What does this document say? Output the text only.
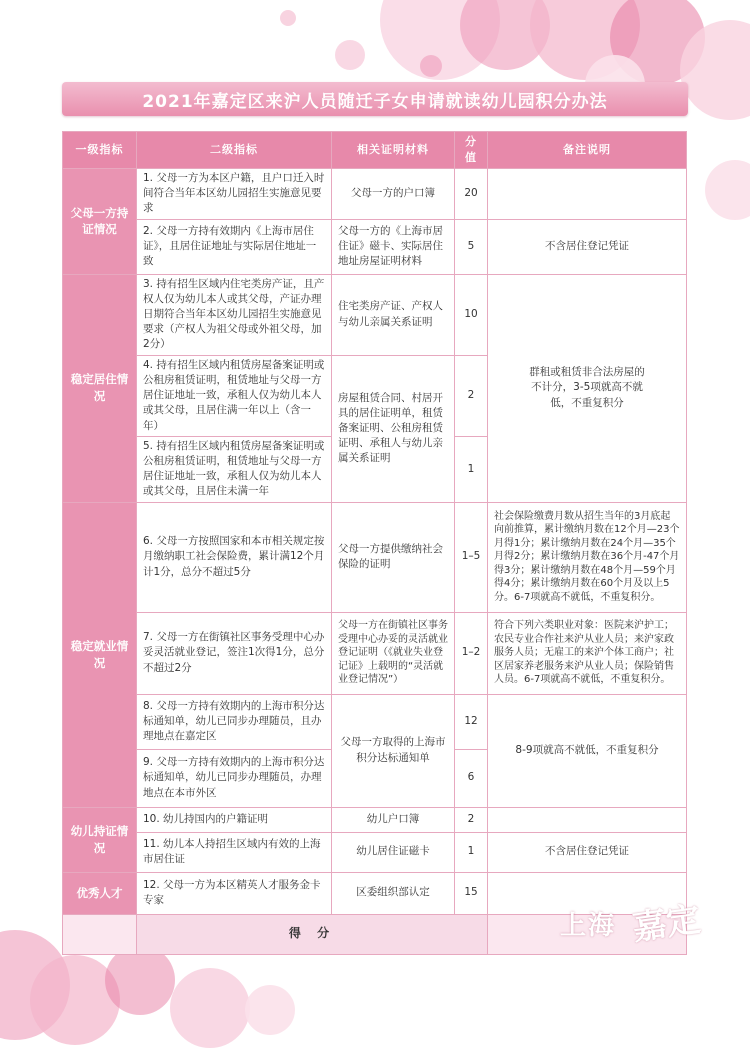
2021年嘉定区来沪人员随迁子女申请就读幼儿园积分办法
一级指标	二级指标	相关证明材料	分值	备注说明
父母一方持证情况	1. 父母一方为本区户籍，且户口迁入时间符合当年本区幼儿园招生实施意见要求	父母一方的户口簿	20	
	2. 父母一方持有效期内《上海市居住证》，且居住证地址与实际居住地址一致	父母一方的《上海市居住证》磁卡、实际居住地址房屋证明材料	5	不含居住登记凭证
稳定居住情况	3. 持有招生区域内住宅类房产证，且产权人仅为幼儿本人或其父母，产证办理日期符合当年本区幼儿园招生实施意见要求（产权人为祖父母或外祖父母，加2分）	住宅类房产证、产权人与幼儿亲属关系证明	10	群租或租赁非合法房屋的不计分，3-5项就高不就低，不重复积分
	4. 持有招生区域内租赁房屋备案证明或公租房租赁证明，租赁地址与父母一方居住证地址一致，承租人仅为幼儿本人或其父母，且居住满一年以上（含一年）	房屋租赁合同、村居开具的居住证明单，租赁备案证明、公租房租赁证明、承租人与幼儿亲属关系证明	2	
	5. 持有招生区域内租赁房屋备案证明或公租房租赁证明，租赁地址与父母一方居住证地址一致，承租人仅为幼儿本人或其父母，且居住未满一年		1	
稳定就业情况	6. 父母一方按照国家和本市相关规定按月缴纳职工社会保险费，累计满12个月计1分，总分不超过5分	父母一方提供缴纳社会保险的证明	1–5	社会保险缴费月数从招生当年的3月底起向前推算，累计缴纳月数在12个月—23个月得1分；累计缴纳月数在24个月—35个月得2分；累计缴纳月数在36个月-47个月得3分；累计缴纳月数在48个月—59个月得4分；累计缴纳月数在60个月及以上5分。6-7项就高不就低，不重复积分。
	7. 父母一方在街镇社区事务受理中心办妥灵活就业登记，签注1次得1分，总分不超过2分	父母一方在街镇社区事务受理中心办妥的灵活就业登记证明（《就业失业登记证》上载明的“灵活就业登记情况”）	1–2	符合下列六类职业对象：医院来沪护工；农民专业合作社来沪从业人员；来沪家政服务人员；无雇工的来沪个体工商户；社区居家养老服务来沪从业人员；保险销售人员。6-7项就高不就低，不重复积分。
	8. 父母一方持有效期内的上海市积分达标通知单，幼儿已同步办理随员，且办理地点在嘉定区	父母一方取得的上海市积分达标通知单	12	8-9项就高不就低，不重复积分
	9. 父母一方持有效期内的上海市积分达标通知单，幼儿已同步办理随员，办理地点在本市外区		6	
幼儿持证情况	10. 幼儿持国内的户籍证明	幼儿户口簿	2	
	11. 幼儿本人持招生区域内有效的上海市居住证	幼儿居住证磁卡	1	不含居住登记凭证
优秀人才	12. 父母一方为本区精英人才服务金卡专家	区委组织部认定	15	
	得 分				上海 嘉定
